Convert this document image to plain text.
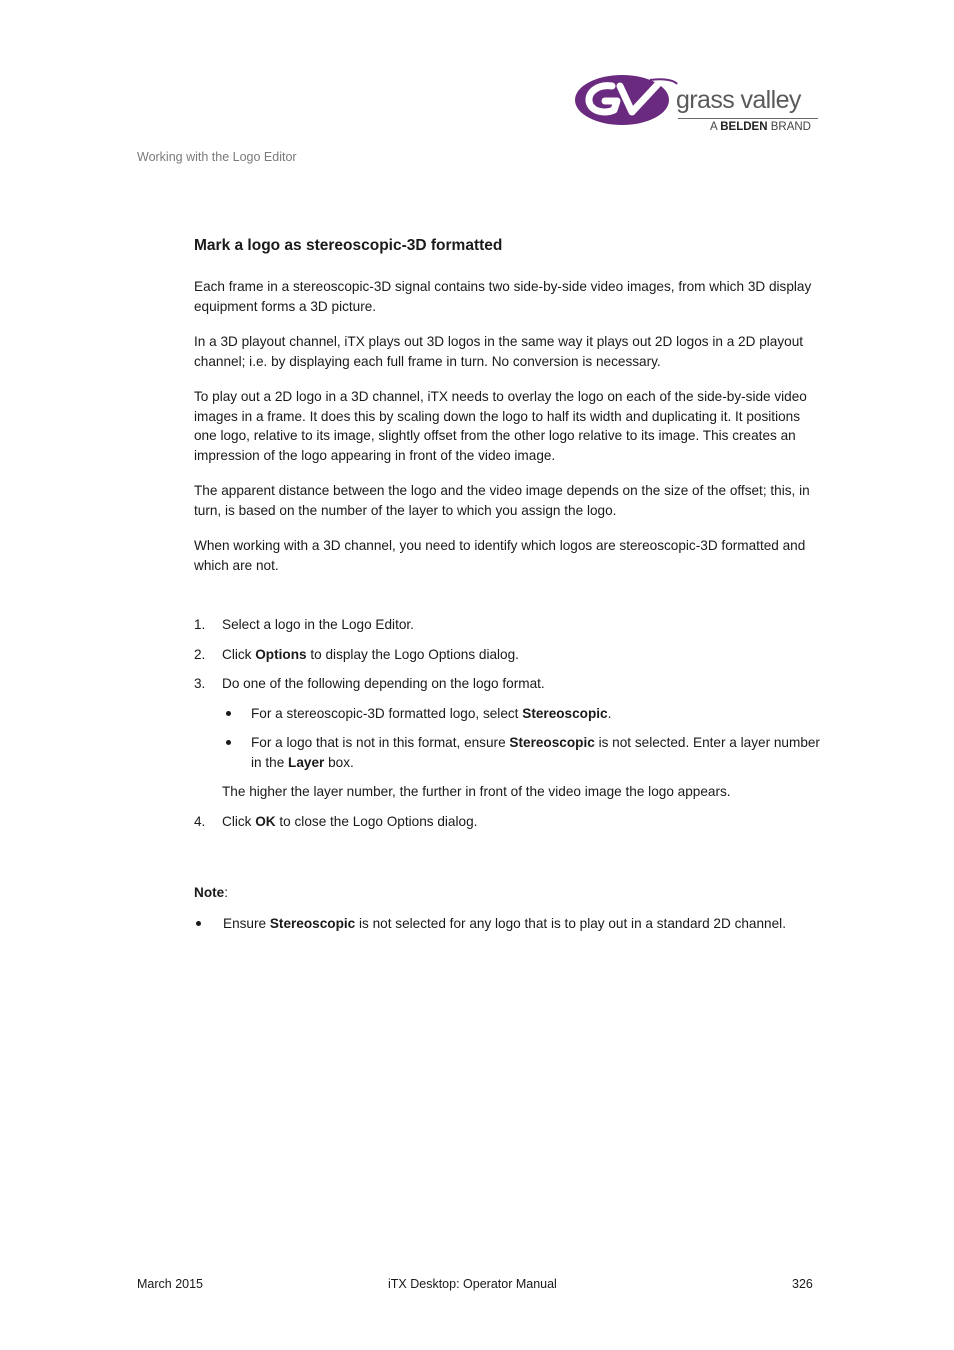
grass valley
A BELDEN BRAND
Working with the Logo Editor
Mark a logo as stereoscopic-3D formatted

Each frame in a stereoscopic-3D signal contains two side-by-side video images, from which 3D display equipment forms a 3D picture.

In a 3D playout channel, iTX plays out 3D logos in the same way it plays out 2D logos in a 2D playout channel; i.e. by displaying each full frame in turn. No conversion is necessary.

To play out a 2D logo in a 3D channel, iTX needs to overlay the logo on each of the side-by-side video images in a frame. It does this by scaling down the logo to half its width and duplicating it. It positions one logo, relative to its image, slightly offset from the other logo relative to its image. This creates an impression of the logo appearing in front of the video image.

The apparent distance between the logo and the video image depends on the size of the offset; this, in turn, is based on the number of the layer to which you assign the logo.

When working with a 3D channel, you need to identify which logos are stereoscopic-3D formatted and which are not.

1. Select a logo in the Logo Editor.
2. Click Options to display the Logo Options dialog.
3. Do one of the following depending on the logo format.
For a stereoscopic-3D formatted logo, select Stereoscopic.
For a logo that is not in this format, ensure Stereoscopic is not selected. Enter a layer number in the Layer box.
The higher the layer number, the further in front of the video image the logo appears.
4. Click OK to close the Logo Options dialog.
Note:
Ensure Stereoscopic is not selected for any logo that is to play out in a standard 2D channel.
March 2015	iTX Desktop: Operator Manual	326
